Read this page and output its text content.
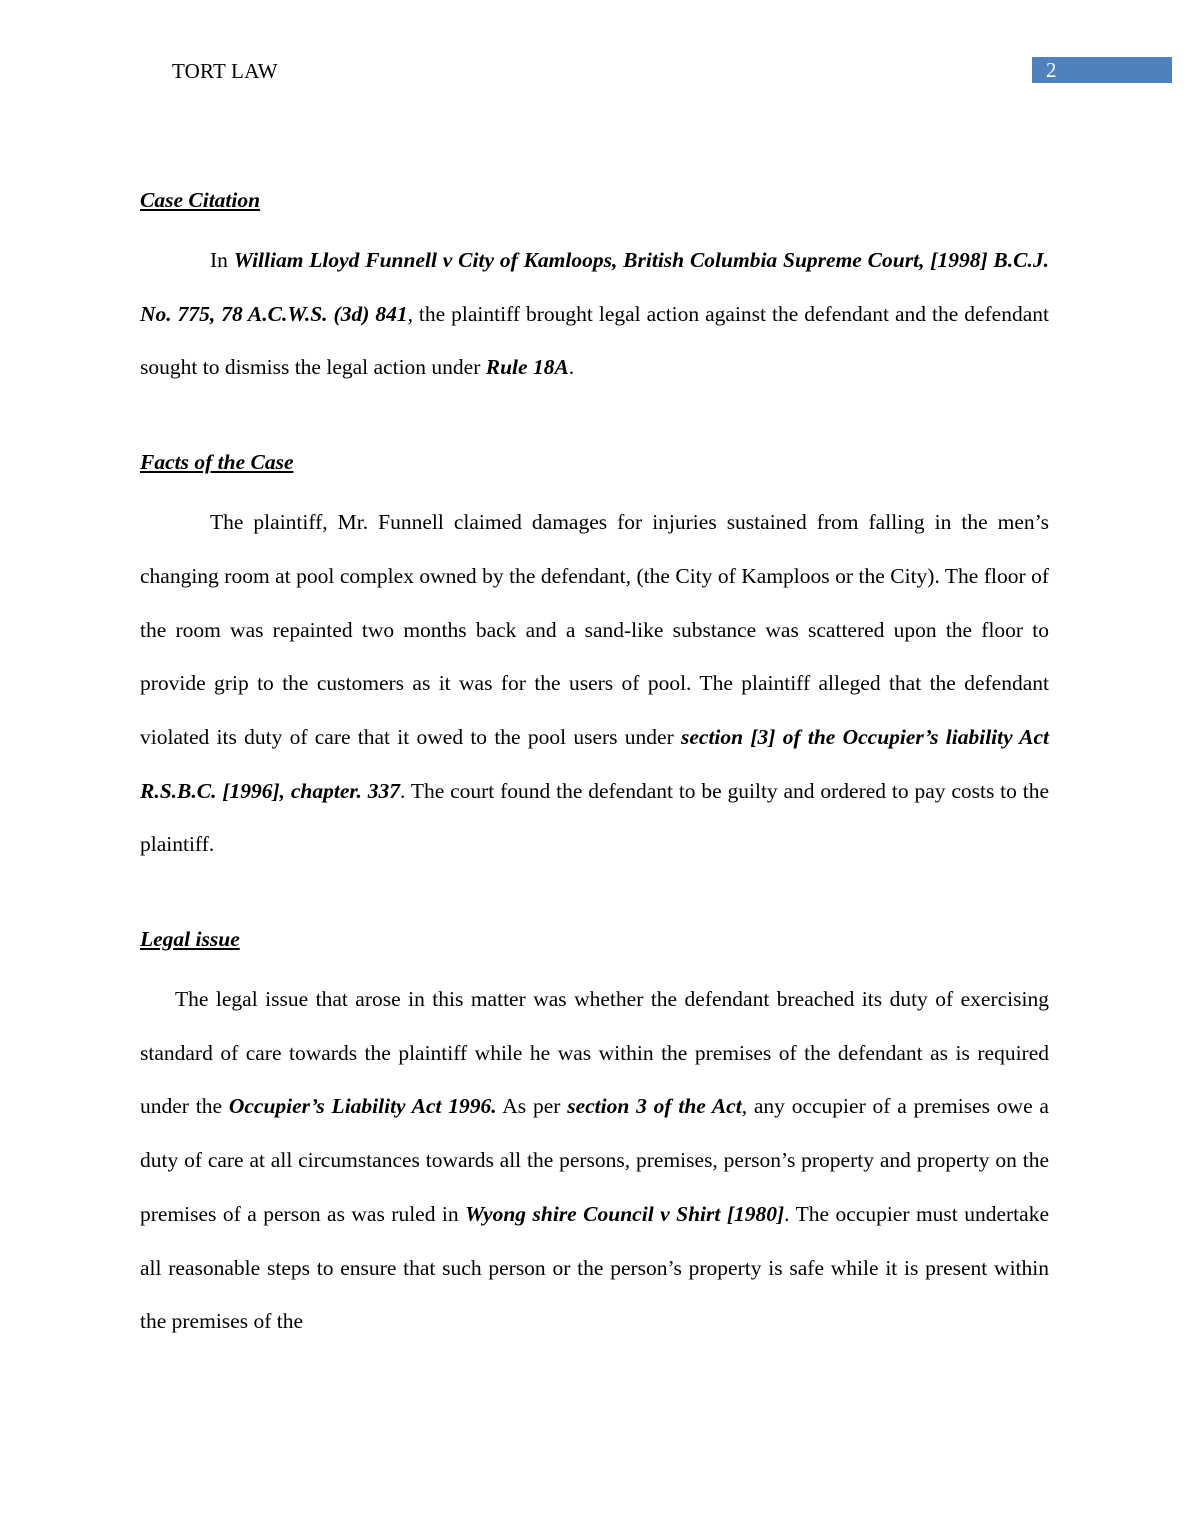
TORT LAW	2
Case Citation

In William Lloyd Funnell v City of Kamloops, British Columbia Supreme Court, [1998] B.C.J. No. 775, 78 A.C.W.S. (3d) 841, the plaintiff brought legal action against the defendant and the defendant sought to dismiss the legal action under Rule 18A.

Facts of the Case

The plaintiff, Mr. Funnell claimed damages for injuries sustained from falling in the men’s changing room at pool complex owned by the defendant, (the City of Kamploos or the City). The floor of the room was repainted two months back and a sand-like substance was scattered upon the floor to provide grip to the customers as it was for the users of pool. The plaintiff alleged that the defendant violated its duty of care that it owed to the pool users under section [3] of the Occupier’s liability Act R.S.B.C. [1996], chapter. 337. The court found the defendant to be guilty and ordered to pay costs to the plaintiff.

Legal issue

The legal issue that arose in this matter was whether the defendant breached its duty of exercising standard of care towards the plaintiff while he was within the premises of the defendant as is required under the Occupier’s Liability Act 1996. As per section 3 of the Act, any occupier of a premises owe a duty of care at all circumstances towards all the persons, premises, person’s property and property on the premises of a person as was ruled in Wyong shire Council v Shirt [1980]. The occupier must undertake all reasonable steps to ensure that such person or the person’s property is safe while it is present within the premises of the
